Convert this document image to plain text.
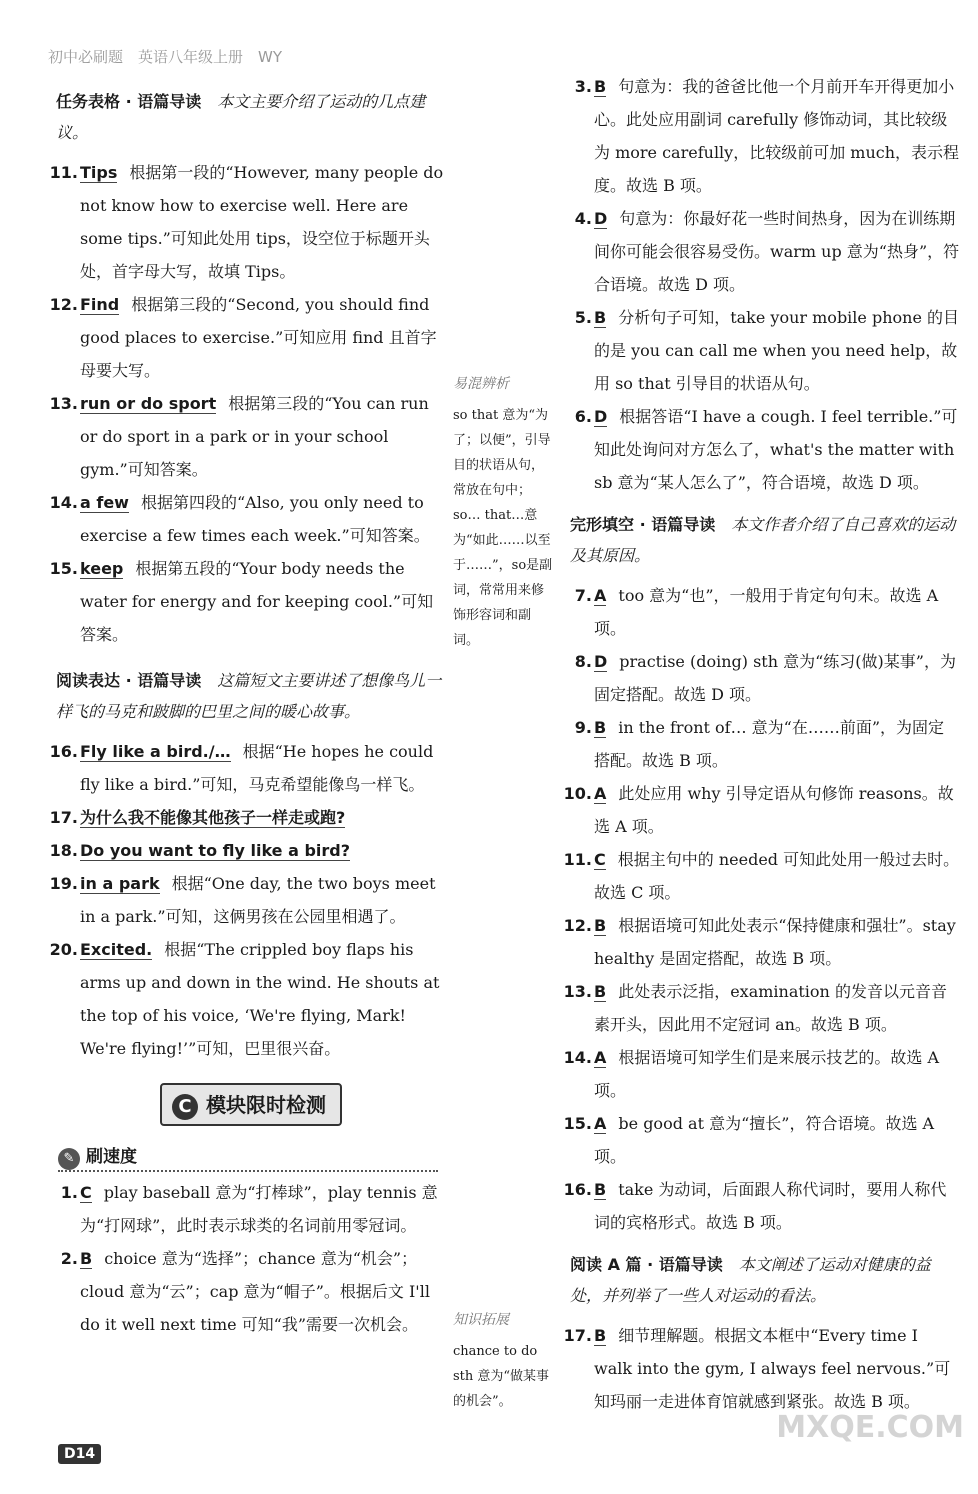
初中必刷题　英语八年级上册　WY
任务表格 · 语篇导读　 本文主要介绍了运动的几点建议。

11. Tips 根据第一段的“However, many people do not know how to exercise well. Here are some tips.”可知此处用 tips，设空位于标题开头处，首字母大写，故填 Tips。

12. Find 根据第三段的“Second, you should find good places to exercise.”可知应用 find 且首字母要大写。

13. run or do sport 根据第三段的“You can run or do sport in a park or in your school gym.”可知答案。

14. a few 根据第四段的“Also, you only need to exercise a few times each week.”可知答案。

15. keep 根据第五段的“Your body needs the water for energy and for keeping cool.”可知答案。

阅读表达 · 语篇导读　 这篇短文主要讲述了想像鸟儿一样飞的马克和跛脚的巴里之间的暖心故事。

16. Fly like a bird./… 根据“He hopes he could fly like a bird.”可知，马克希望能像鸟一样飞。

17. 为什么我不能像其他孩子一样走或跑?

18. Do you want to fly like a bird?

19. in a park 根据“One day, the two boys meet in a park.”可知，这俩男孩在公园里相遇了。

20. Excited. 根据“The crippled boy flaps his arms up and down in the wind. He shouts at the top of his voice, ‘We're flying, Mark! We're flying!’”可知，巴里很兴奋。

C 模块限时检测
✎ 刷速度

1. C play baseball 意为“打棒球”，play tennis 意为“打网球”，此时表示球类的名词前用零冠词。

2. B choice 意为“选择”；chance 意为“机会”；cloud 意为“云”；cap 意为“帽子”。根据后文 I'll do it well next time 可知“我”需要一次机会。

易混辨析
so that 意为“为了；以便”，引导目的状语从句，常放在句中；so… that…意为“如此……以至于……”，so是副词，常常用来修饰形容词和副词。
知识拓展
chance to do sth 意为“做某事的机会”。

3. B 句意为：我的爸爸比他一个月前开车开得更加小心。此处应用副词 carefully 修饰动词，其比较级为 more carefully，比较级前可加 much，表示程度。故选 B 项。

4. D 句意为：你最好花一些时间热身，因为在训练期间你可能会很容易受伤。warm up 意为“热身”，符合语境。故选 D 项。

5. B 分析句子可知，take your mobile phone 的目的是 you can call me when you need help，故用 so that 引导目的状语从句。

6. D 根据答语“I have a cough. I feel terrible.”可知此处询问对方怎么了，what's the matter with sb 意为“某人怎么了”，符合语境，故选 D 项。

完形填空 · 语篇导读　 本文作者介绍了自己喜欢的运动及其原因。

7. A too 意为“也”，一般用于肯定句句末。故选 A 项。

8. D practise (doing) sth 意为“练习(做)某事”，为固定搭配。故选 D 项。

9. B in the front of… 意为“在……前面”，为固定搭配。故选 B 项。

10. A 此处应用 why 引导定语从句修饰 reasons。故选 A 项。

11. C 根据主句中的 needed 可知此处用一般过去时。故选 C 项。

12. B 根据语境可知此处表示“保持健康和强壮”。stay healthy 是固定搭配，故选 B 项。

13. B 此处表示泛指，examination 的发音以元音音素开头，因此用不定冠词 an。故选 B 项。

14. A 根据语境可知学生们是来展示技艺的。故选 A 项。

15. A be good at 意为“擅长”，符合语境。故选 A 项。

16. B take 为动词，后面跟人称代词时，要用人称代词的宾格形式。故选 B 项。

阅读 A 篇 · 语篇导读　 本文阐述了运动对健康的益处，并列举了一些人对运动的看法。

17. B 细节理解题。根据文本框中“Every time I walk into the gym, I always feel nervous.”可知玛丽一走进体育馆就感到紧张。故选 B 项。

D14
MXQE.COM
